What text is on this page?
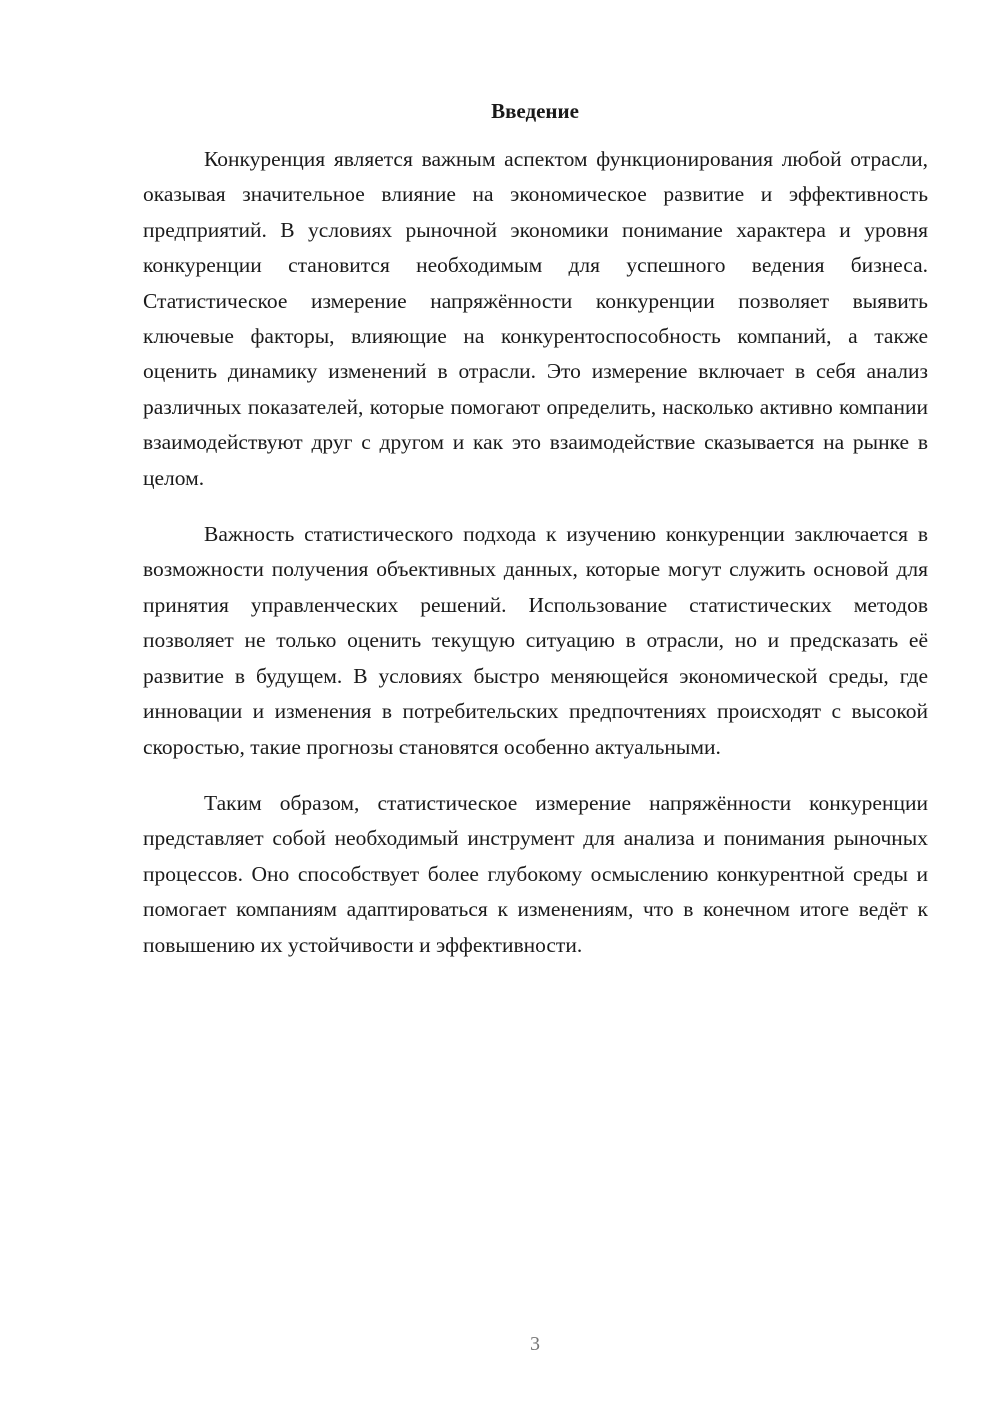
Введение

Конкуренция является важным аспектом функционирования любой отрасли, оказывая значительное влияние на экономическое развитие и эффективность предприятий. В условиях рыночной экономики понимание характера и уровня конкуренции становится необходимым для успешного ведения бизнеса. Статистическое измерение напряжённости конкуренции позволяет выявить ключевые факторы, влияющие на конкурентоспособность компаний, а также оценить динамику изменений в отрасли. Это измерение включает в себя анализ различных показателей, которые помогают определить, насколько активно компании взаимодействуют друг с другом и как это взаимодействие сказывается на рынке в целом.

Важность статистического подхода к изучению конкуренции заключается в возможности получения объективных данных, которые могут служить основой для принятия управленческих решений. Использование статистических методов позволяет не только оценить текущую ситуацию в отрасли, но и предсказать её развитие в будущем. В условиях быстро меняющейся экономической среды, где инновации и изменения в потребительских предпочтениях происходят с высокой скоростью, такие прогнозы становятся особенно актуальными.

Таким образом, статистическое измерение напряжённости конкуренции представляет собой необходимый инструмент для анализа и понимания рыночных процессов. Оно способствует более глубокому осмыслению конкурентной среды и помогает компаниям адаптироваться к изменениям, что в конечном итоге ведёт к повышению их устойчивости и эффективности.

3
